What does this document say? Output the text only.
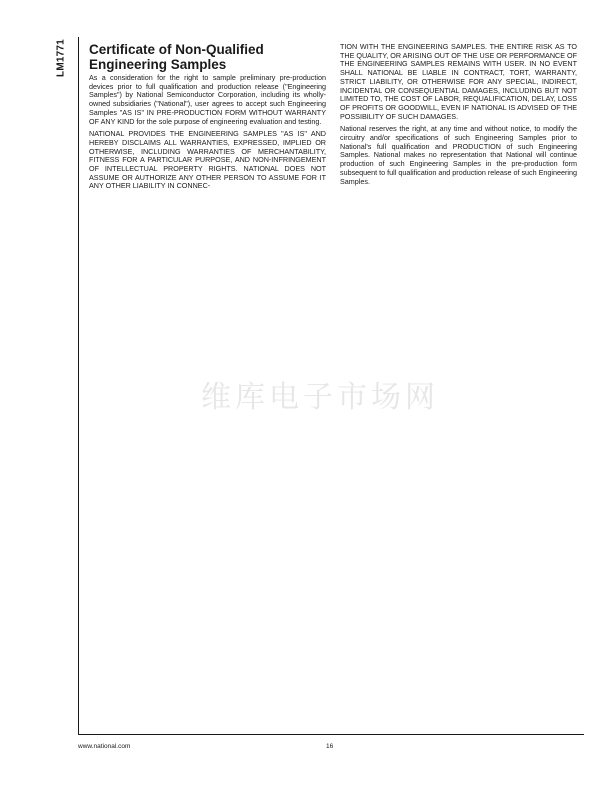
LM1771 Certificate of Non-Qualified
Engineering Samples

As a consideration for the right to sample preliminary pre-production devices prior to full qualification and production release ("Engineering Samples") by National Semiconductor Corporation, including its wholly-owned subsidiaries ("National"), user agrees to accept such Engineering Samples "AS IS" IN PRE-PRODUCTION FORM WITHOUT WARRANTY OF ANY KIND for the sole purpose of engineering evaluation and testing.

NATIONAL PROVIDES THE ENGINEERING SAMPLES "AS IS" AND HEREBY DISCLAIMS ALL WARRANTIES, EXPRESSED, IMPLIED OR OTHERWISE, INCLUDING WARRANTIES OF MERCHANTABILITY, FITNESS FOR A PARTICULAR PURPOSE, AND NON-INFRINGEMENT OF INTELLECTUAL PROPERTY RIGHTS. NATIONAL DOES NOT ASSUME OR AUTHORIZE ANY OTHER PERSON TO ASSUME FOR IT ANY OTHER LIABILITY IN CONNEC-

TION WITH THE ENGINEERING SAMPLES. THE ENTIRE RISK AS TO THE QUALITY, OR ARISING OUT OF THE USE OR PERFORMANCE OF THE ENGINEERING SAMPLES REMAINS WITH USER. IN NO EVENT SHALL NATIONAL BE LIABLE IN CONTRACT, TORT, WARRANTY, STRICT LIABILITY, OR OTHERWISE FOR ANY SPECIAL, INDIRECT, INCIDENTAL OR CONSEQUENTIAL DAMAGES, INCLUDING BUT NOT LIMITED TO, THE COST OF LABOR, REQUALIFICATION, DELAY, LOSS OF PROFITS OR GOODWILL, EVEN IF NATIONAL IS ADVISED OF THE POSSIBILITY OF SUCH DAMAGES.

National reserves the right, at any time and without notice, to modify the circuitry and/or specifications of such Engineering Samples prior to National's full qualification and PRODUCTION of such Engineering Samples. National makes no representation that National will continue production of such Engineering Samples in the pre-production form subsequent to full qualification and production release of such Engineering Samples.

维库电子市场网
www.national.com	16
